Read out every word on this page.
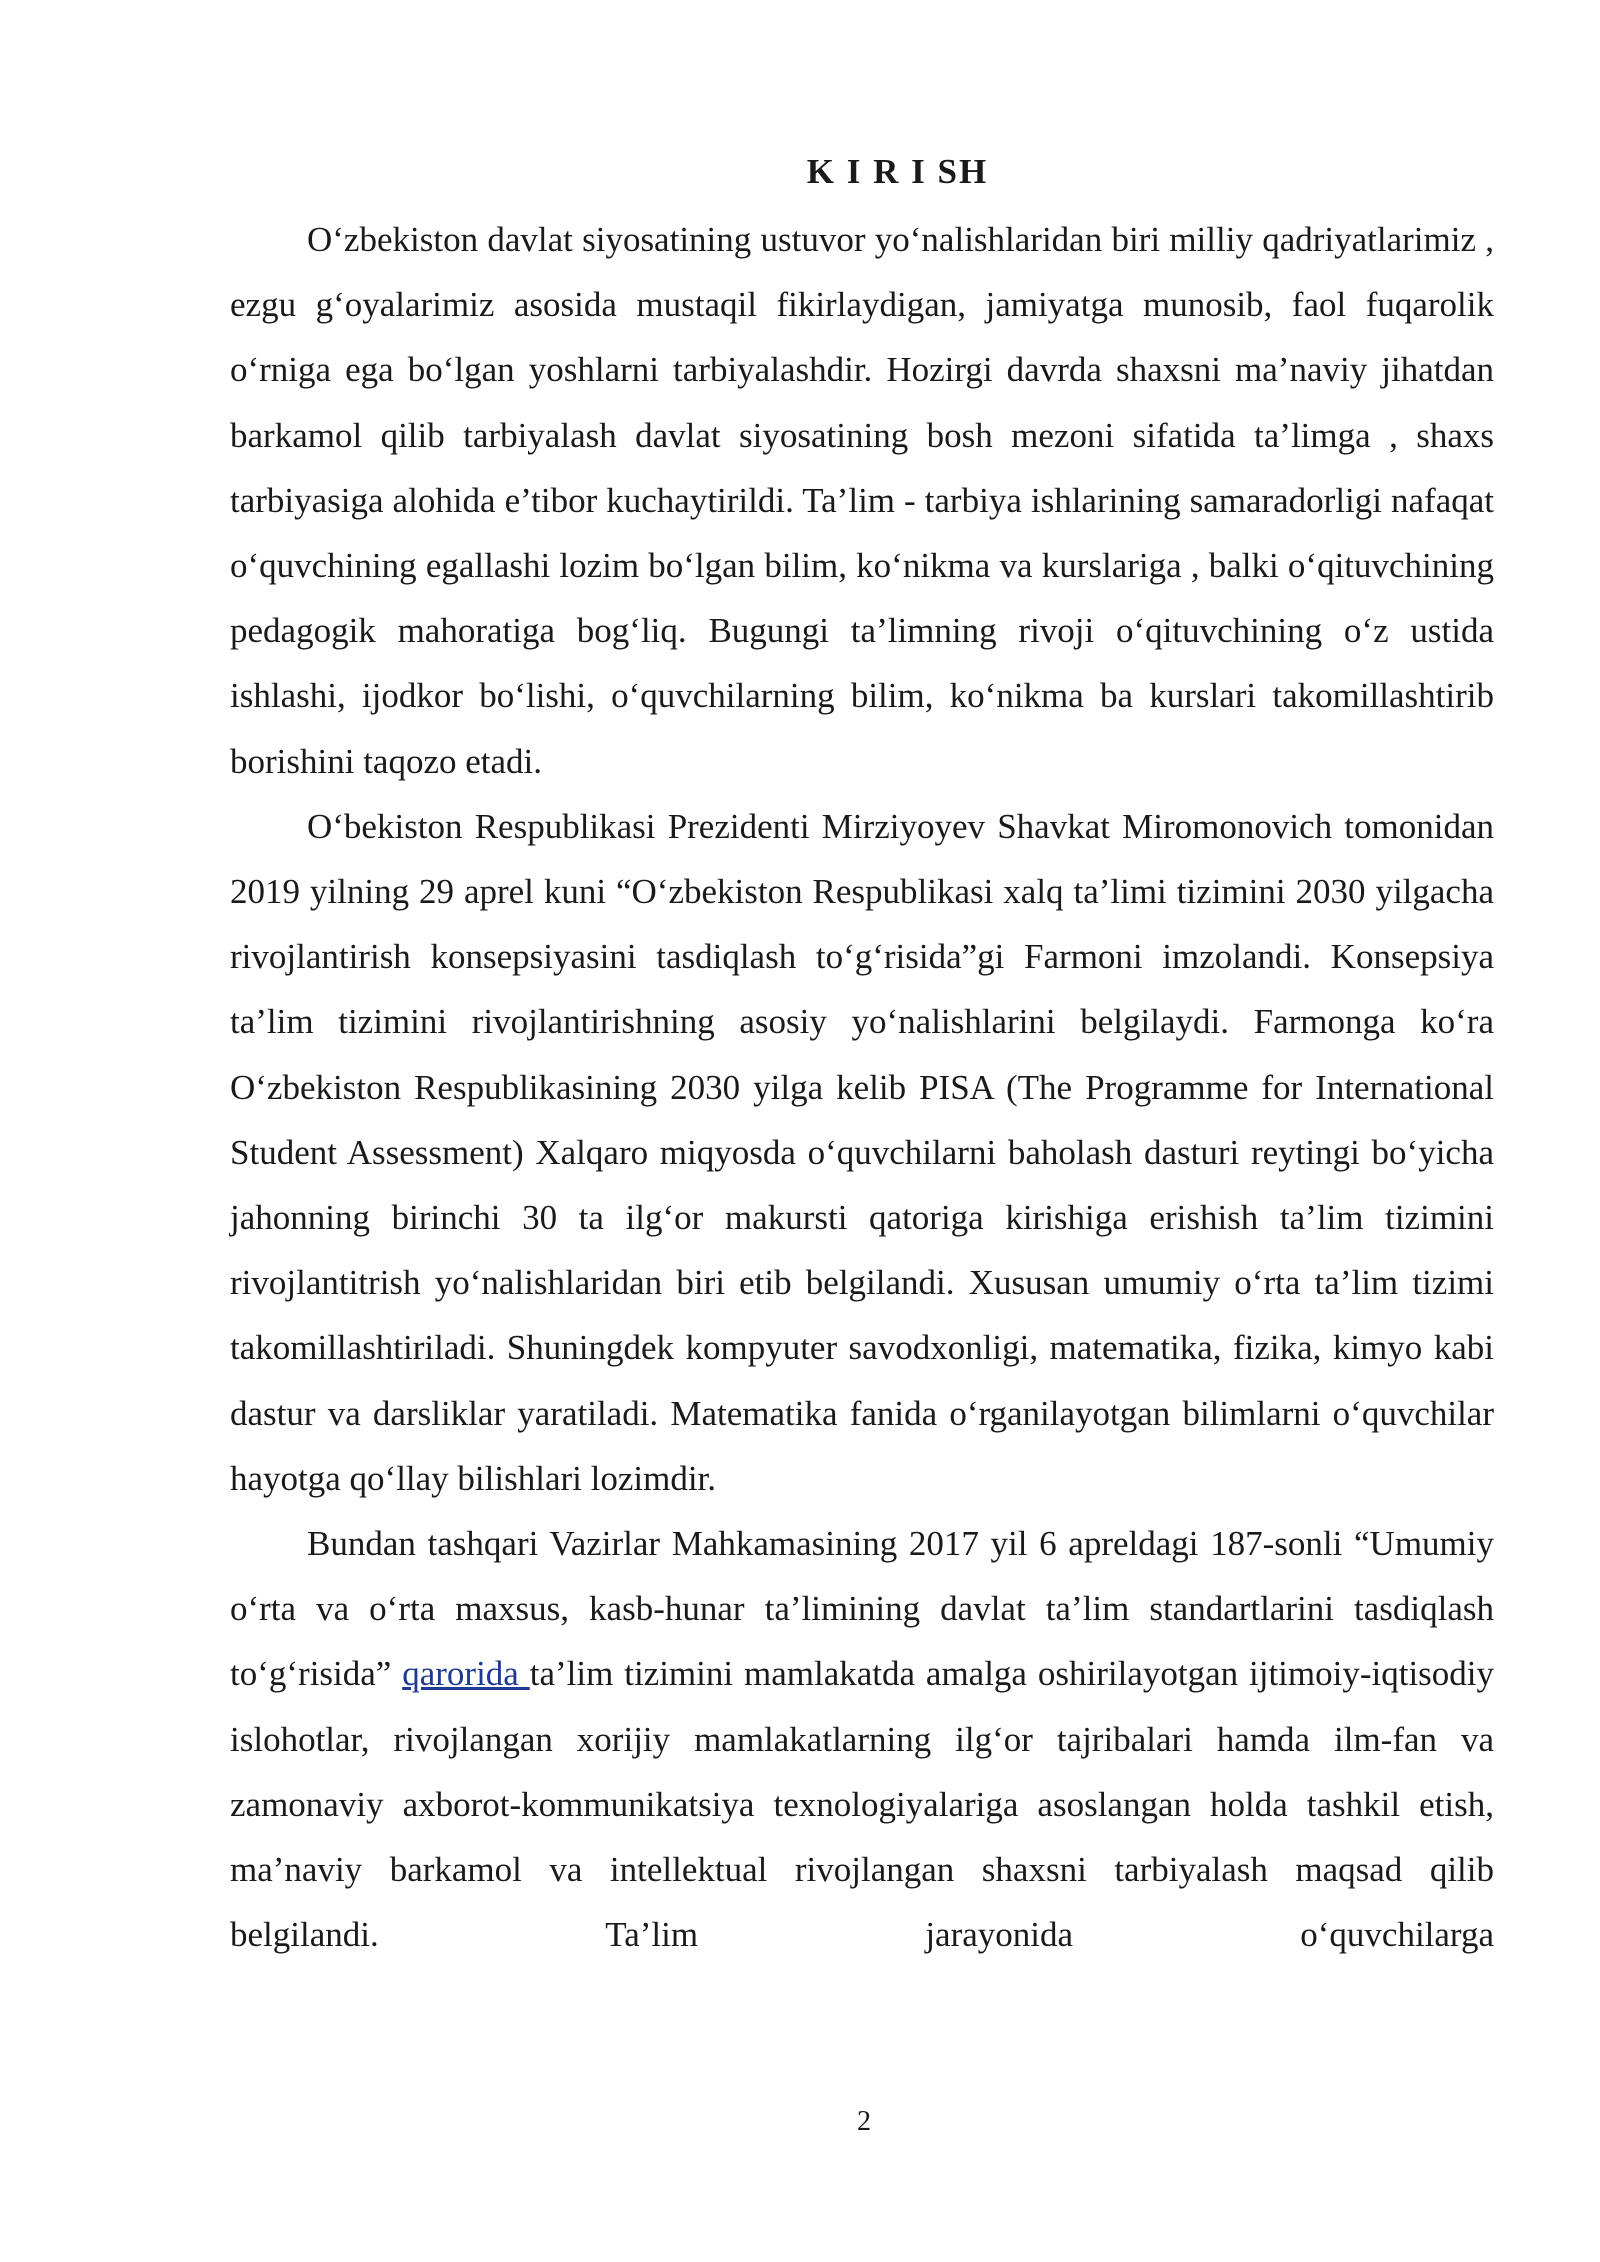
K I R I SH

O‘zbekiston davlat siyosatining ustuvor yo‘nalishlaridan biri milliy qadriyatlarimiz , ezgu g‘oyalarimiz asosida mustaqil fikirlaydigan, jamiyatga munosib, faol fuqarolik o‘rniga ega bo‘lgan yoshlarni tarbiyalashdir. Hozirgi davrda shaxsni ma’naviy jihatdan barkamol qilib tarbiyalash davlat siyosatining bosh mezoni sifatida ta’limga , shaxs tarbiyasiga alohida e’tibor kuchaytirildi. Ta’lim - tarbiya ishlarining samaradorligi nafaqat o‘quvchining egallashi lozim bo‘lgan bilim, ko‘nikma va kurslariga , balki o‘qituvchining pedagogik mahoratiga bog‘liq. Bugungi ta’limning rivoji o‘qituvchining o‘z ustida ishlashi, ijodkor bo‘lishi, o‘quvchilarning bilim, ko‘nikma ba kurslari takomillashtirib borishini taqozo etadi.

O‘bekiston Respublikasi Prezidenti Mirziyoyev Shavkat Miromonovich tomonidan 2019 yilning 29 aprel kuni “O‘zbekiston Respublikasi xalq ta’limi tizimini 2030 yilgacha rivojlantirish konsepsiyasini tasdiqlash to‘g‘risida”gi Farmoni imzolandi. Konsepsiya ta’lim tizimini rivojlantirishning asosiy yo‘nalishlarini belgilaydi. Farmonga ko‘ra O‘zbekiston Respublikasining 2030 yilga kelib PISA (The Programme for International Student Assessment) Xalqaro miqyosda o‘quvchilarni baholash dasturi reytingi bo‘yicha jahonning birinchi 30 ta ilg‘or makursti qatoriga kirishiga erishish ta’lim tizimini rivojlantitrish yo‘nalishlaridan biri etib belgilandi. Xususan umumiy o‘rta ta’lim tizimi takomillashtiriladi. Shuningdek kompyuter savodxonligi, matematika, fizika, kimyo kabi dastur va darsliklar yaratiladi. Matematika fanida o‘rganilayotgan bilimlarni o‘quvchilar hayotga qo‘llay bilishlari lozimdir.

Bundan tashqari Vazirlar Mahkamasining 2017 yil 6 apreldagi 187-sonli “Umumiy o‘rta va o‘rta maxsus, kasb-hunar ta’limining davlat ta’lim standartlarini tasdiqlash to‘g‘risida” qarorida ta’lim tizimini mamlakatda amalga oshirilayotgan ijtimoiy-iqtisodiy islohotlar, rivojlangan xorijiy mamlakatlarning ilg‘or tajribalari hamda ilm-fan va zamonaviy axborot-kommunikatsiya texnologiyalariga asoslangan holda tashkil etish, ma’naviy barkamol va intellektual rivojlangan shaxsni tarbiyalash maqsad qilib belgilandi. Ta’lim jarayonida o‘quvchilarga

2
